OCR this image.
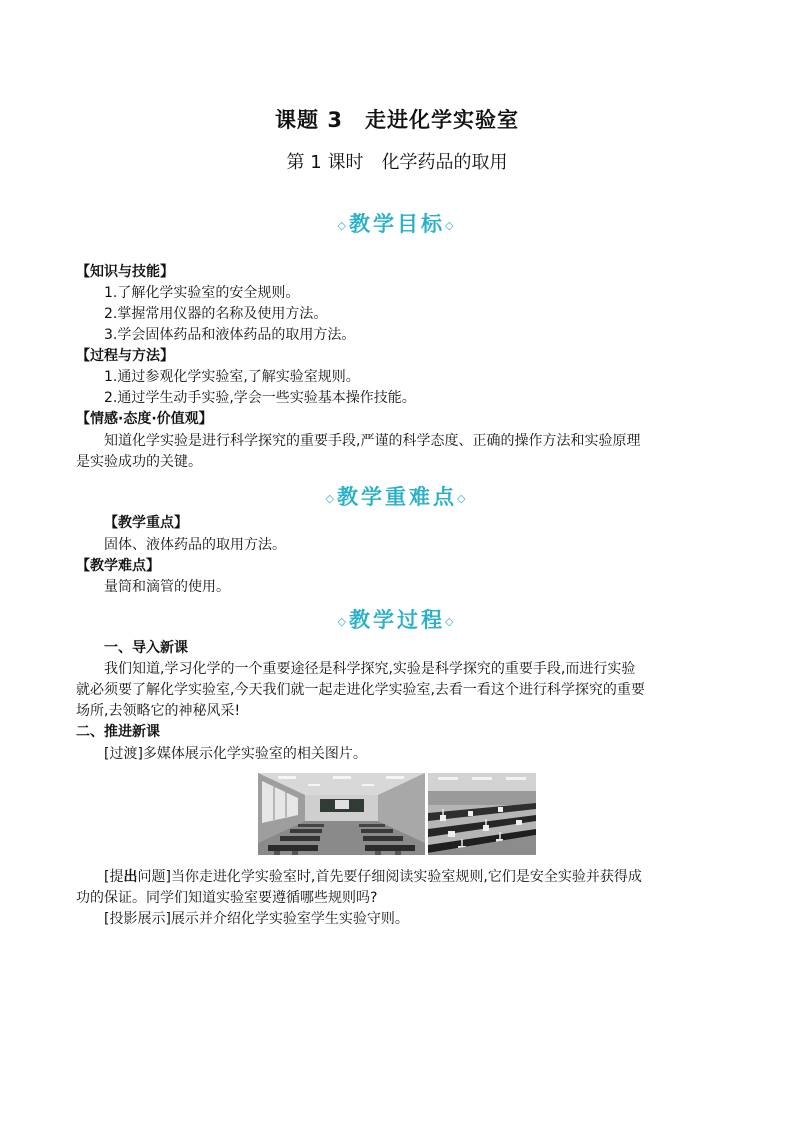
课题 3　走进化学实验室
第 1 课时　化学药品的取用
◇教学目标◇
【知识与技能】
1.了解化学实验室的安全规则。
2.掌握常用仪器的名称及使用方法。
3.学会固体药品和液体药品的取用方法。
【过程与方法】
1.通过参观化学实验室,了解实验室规则。
2.通过学生动手实验,学会一些实验基本操作技能。
【情感·态度·价值观】
知道化学实验是进行科学探究的重要手段,严谨的科学态度、正确的操作方法和实验原理
是实验成功的关键。
◇教学重难点◇
【教学重点】
固体、液体药品的取用方法。
【教学难点】
量筒和滴管的使用。
◇教学过程◇
一、导入新课
我们知道,学习化学的一个重要途径是科学探究,实验是科学探究的重要手段,而进行实验
就必须要了解化学实验室,今天我们就一起走进化学实验室,去看一看这个进行科学探究的重要
场所,去领略它的神秘风采!
二、推进新课
[过渡]多媒体展示化学实验室的相关图片。
[提出问题]当你走进化学实验室时,首先要仔细阅读实验室规则,它们是安全实验并获得成
功的保证。同学们知道实验室要遵循哪些规则吗?
[投影展示]展示并介绍化学实验室学生实验守则。
